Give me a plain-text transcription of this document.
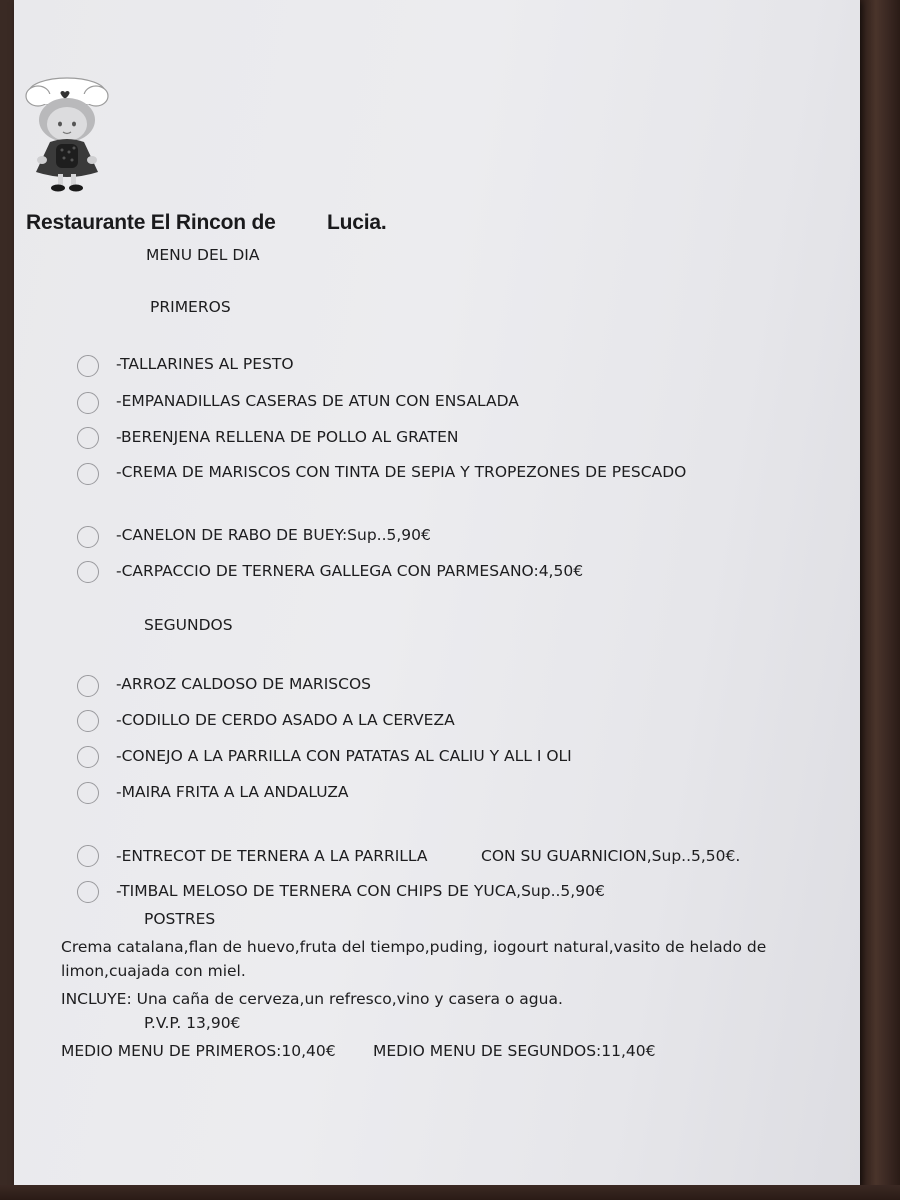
Restaurante El Rincon de Lucia.
MENU DEL DIA
PRIMEROS
-TALLARINES AL PESTO
-EMPANADILLAS CASERAS DE ATUN CON ENSALADA
-BERENJENA RELLENA DE POLLO AL GRATEN
-CREMA DE MARISCOS CON TINTA DE SEPIA Y TROPEZONES DE PESCADO
-CANELON DE RABO DE BUEY:Sup..5,90€
-CARPACCIO DE TERNERA GALLEGA CON PARMESANO:4,50€
SEGUNDOS
-ARROZ CALDOSO DE MARISCOS
-CODILLO DE CERDO ASADO A LA CERVEZA
-CONEJO A LA PARRILLA CON PATATAS AL CALIU Y ALL I OLI
-MAIRA FRITA A LA ANDALUZA
-ENTRECOT DE TERNERA A LA PARRILLA	CON SU GUARNICION,Sup..5,50€.
-TIMBAL MELOSO DE TERNERA CON CHIPS DE YUCA,Sup..5,90€
POSTRES
Crema catalana,flan de huevo,fruta del tiempo,puding, iogourt natural,vasito de helado de
limon,cuajada con miel.
INCLUYE: Una caña de cerveza,un refresco,vino y casera o agua.
P.V.P. 13,90€
MEDIO MENU DE PRIMEROS:10,40€ MEDIO MENU DE SEGUNDOS:11,40€
